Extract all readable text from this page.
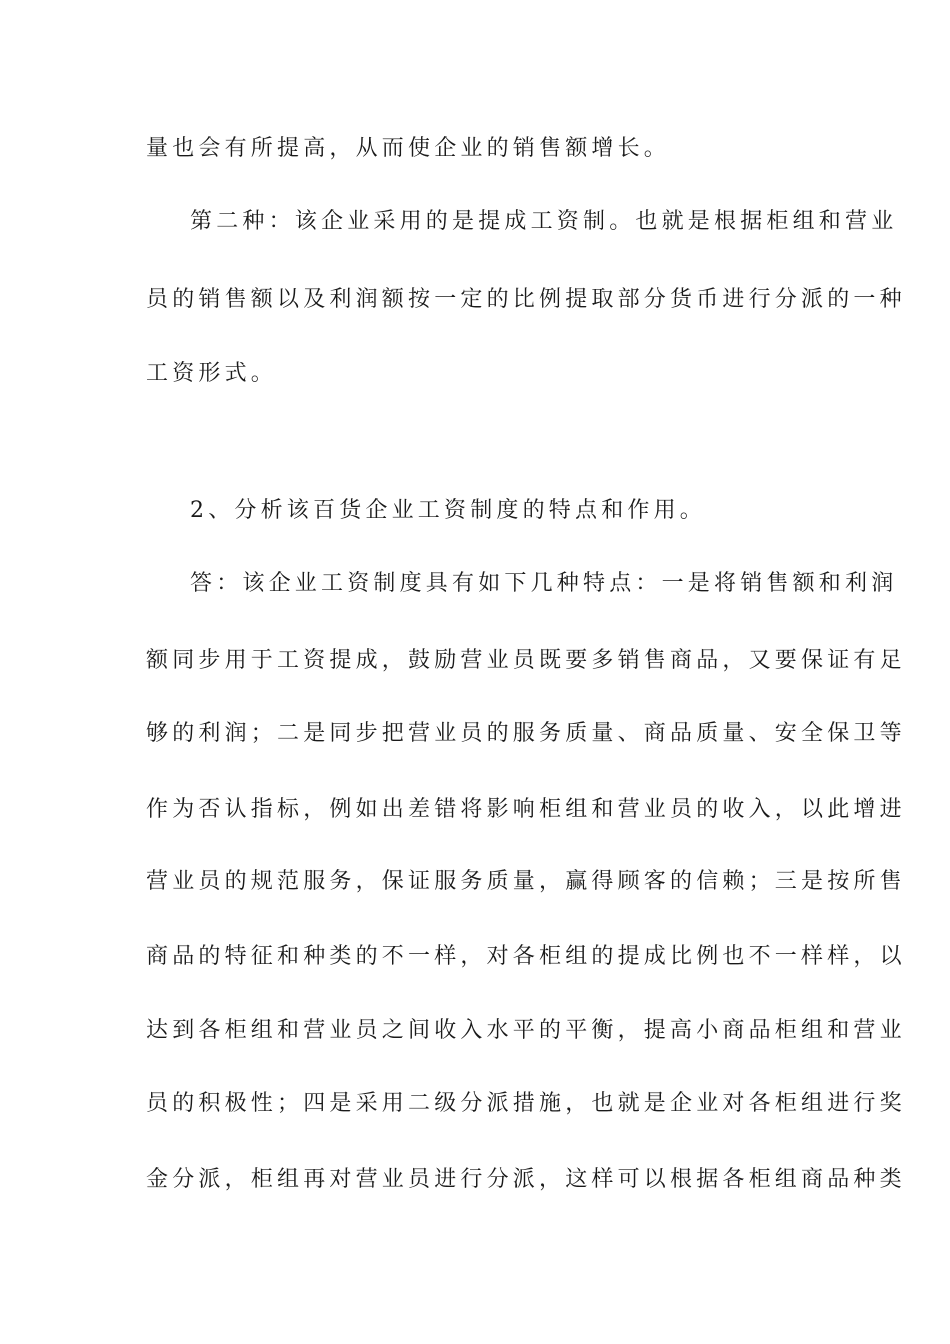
量也会有所提高，从而使企业的销售额增长。
第二种：该企业采用的是提成工资制。也就是根据柜组和营业
员的销售额以及利润额按一定的比例提取部分货币进行分派的一种
工资形式。
2、分析该百货企业工资制度的特点和作用。
答：该企业工资制度具有如下几种特点：一是将销售额和利润
额同步用于工资提成，鼓励营业员既要多销售商品，又要保证有足
够的利润；二是同步把营业员的服务质量、商品质量、安全保卫等
作为否认指标，例如出差错将影响柜组和营业员的收入，以此增进
营业员的规范服务，保证服务质量，赢得顾客的信赖；三是按所售
商品的特征和种类的不一样，对各柜组的提成比例也不一样样，以
达到各柜组和营业员之间收入水平的平衡，提高小商品柜组和营业
员的积极性；四是采用二级分派措施，也就是企业对各柜组进行奖
金分派，柜组再对营业员进行分派，这样可以根据各柜组商品种类
